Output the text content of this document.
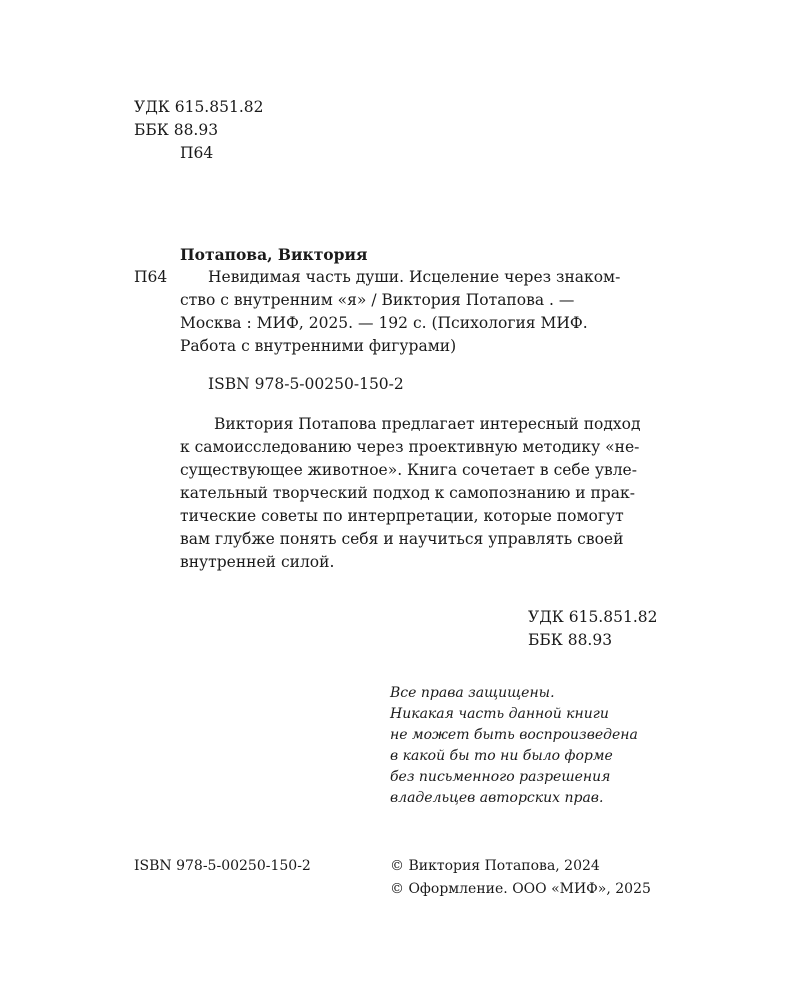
УДК 615.851.82
ББК 88.93
П64
Потапова, Виктория
П64	Невидимая часть души. Исцеление через знаком-
ство с внутренним «я» / Виктория Потапова . —
Москва : МИФ, 2025. — 192 с. (Психология МИФ.
Работа с внутренними фигурами)
ISBN 978-5-00250-150-2
Виктория Потапова предлагает интересный подход
к самоисследованию через проективную методику «не-
существующее животное». Книга сочетает в себе увле-
кательный творческий подход к самопознанию и прак-
тические советы по интерпретации, которые помогут
вам глубже понять себя и научиться управлять своей
внутренней силой.
УДК 615.851.82
ББК 88.93
Все права защищены.
Никакая часть данной книги
не может быть воспроизведена
в какой бы то ни было форме
без письменного разрешения
владельцев авторских прав.
ISBN 978-5-00250-150-2	© Виктория Потапова, 2024
© Оформление. ООО «МИФ», 2025
